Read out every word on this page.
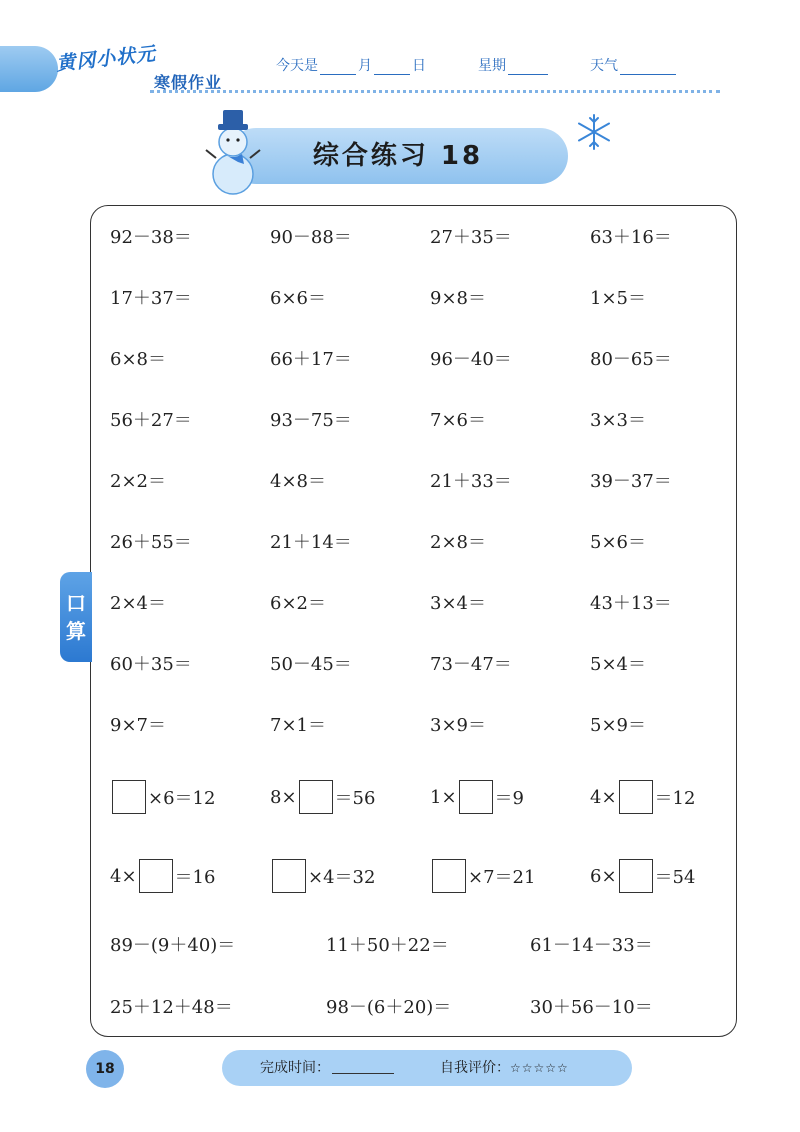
黄冈小状元
寒假作业
今天是	月	日	星期	天气
综合练习 18
口
算
92－38＝	90－88＝	27＋35＝	63＋16＝
17＋37＝	6×6＝	9×8＝	1×5＝
6×8＝	66＋17＝	96－40＝	80－65＝
56＋27＝	93－75＝	7×6＝	3×3＝
2×2＝	4×8＝	21＋33＝	39－37＝
26＋55＝	21＋14＝	2×8＝	5×6＝
2×4＝	6×2＝	3×4＝	43＋13＝
60＋35＝	50－45＝	73－47＝	5×4＝
9×7＝	7×1＝	3×9＝	5×9＝
×6＝12	8× ＝56	1× ＝9	4× ＝12
4× ＝16	×4＝32	×7＝21	6× ＝54
89－(9＋40)＝	11＋50＋22＝	61－14－33＝
25＋12＋48＝	98－(6＋20)＝	30＋56－10＝
18	完成时间：	自我评价： ☆☆☆☆☆
